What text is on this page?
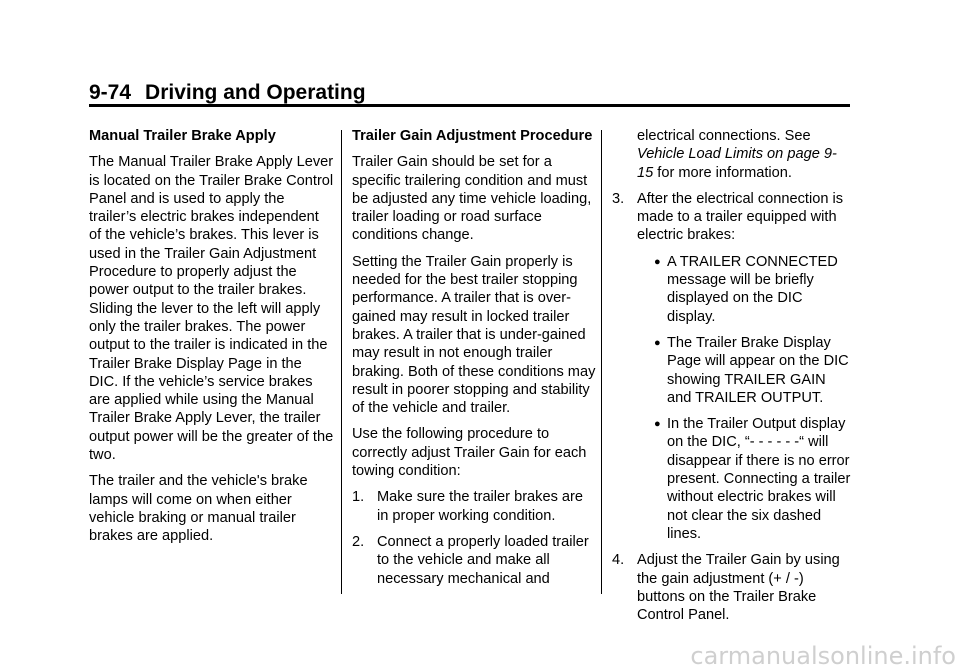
9-74 Driving and Operating
Manual Trailer Brake Apply

The Manual Trailer Brake Apply Lever is located on the Trailer Brake Control Panel and is used to apply the trailer’s electric brakes independent of the vehicle’s brakes. This lever is used in the Trailer Gain Adjustment Procedure to properly adjust the power output to the trailer brakes. Sliding the lever to the left will apply only the trailer brakes. The power output to the trailer is indicated in the Trailer Brake Display Page in the DIC. If the vehicle’s service brakes are applied while using the Manual Trailer Brake Apply Lever, the trailer output power will be the greater of the two.

The trailer and the vehicle's brake lamps will come on when either vehicle braking or manual trailer brakes are applied.

Trailer Gain Adjustment Procedure

Trailer Gain should be set for a specific trailering condition and must be adjusted any time vehicle loading, trailer loading or road surface conditions change.

Setting the Trailer Gain properly is needed for the best trailer stopping performance. A trailer that is over-gained may result in locked trailer brakes. A trailer that is under-gained may result in not enough trailer braking. Both of these conditions may result in poorer stopping and stability of the vehicle and trailer.

Use the following procedure to correctly adjust Trailer Gain for each towing condition:

1. Make sure the trailer brakes are in proper working condition.
2. Connect a properly loaded trailer to the vehicle and make all necessary mechanical and
electrical connections. See
Vehicle Load Limits on page 9-15 for more information.
3. After the electrical connection is made to a trailer equipped with electric brakes:
● A TRAILER CONNECTED message will be briefly displayed on the DIC display.
● The Trailer Brake Display Page will appear on the DIC showing TRAILER GAIN and TRAILER OUTPUT.
● In the Trailer Output display on the DIC, “- - - - - -“ will disappear if there is no error present. Connecting a trailer without electric brakes will not clear the six dashed lines.
4. Adjust the Trailer Gain by using the gain adjustment (+ / -) buttons on the Trailer Brake Control Panel.
carmanualsonline.info
